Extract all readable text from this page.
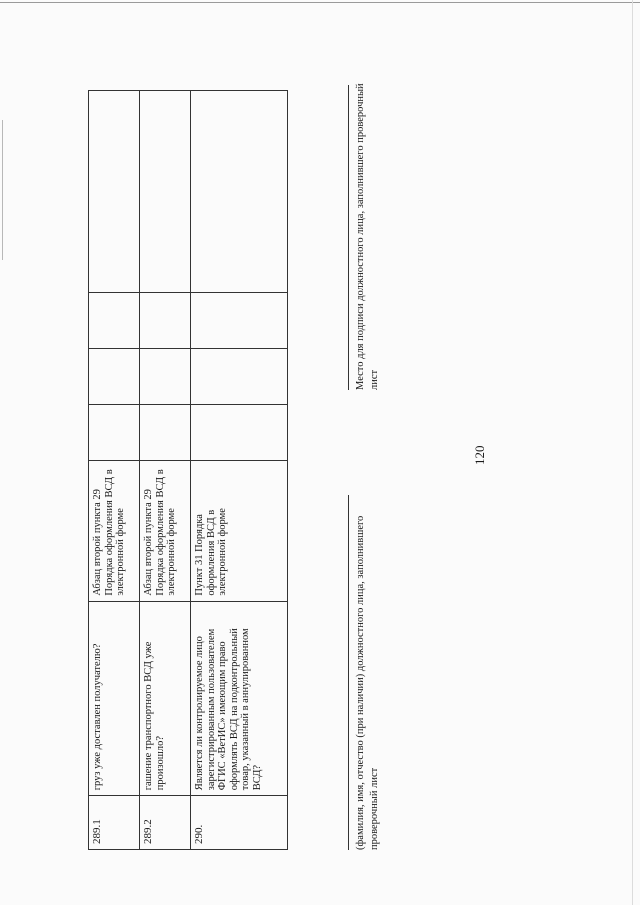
120
289.1	груз уже доставлен получателю?	Абзац второй пункта 29 Порядка оформления ВСД в электронной форме				
289.2	гашение транспортного ВСД уже произошло?	Абзац второй пункта 29 Порядка оформления ВСД в электронной форме				
290.	Является ли контролируемое лицо зарегистрированным пользователем ФГИС «ВетИС» имеющим право оформлять ВСД на подконтрольный товар, указанный в аннулированном ВСД?	Пункт 31 Порядка оформления ВСД в электронной форме					(фамилия, имя, отчество (при наличии) должностного лица, заполнившего проверочный лист
Место для подписи должностного лица, заполнившего проверочный лист
